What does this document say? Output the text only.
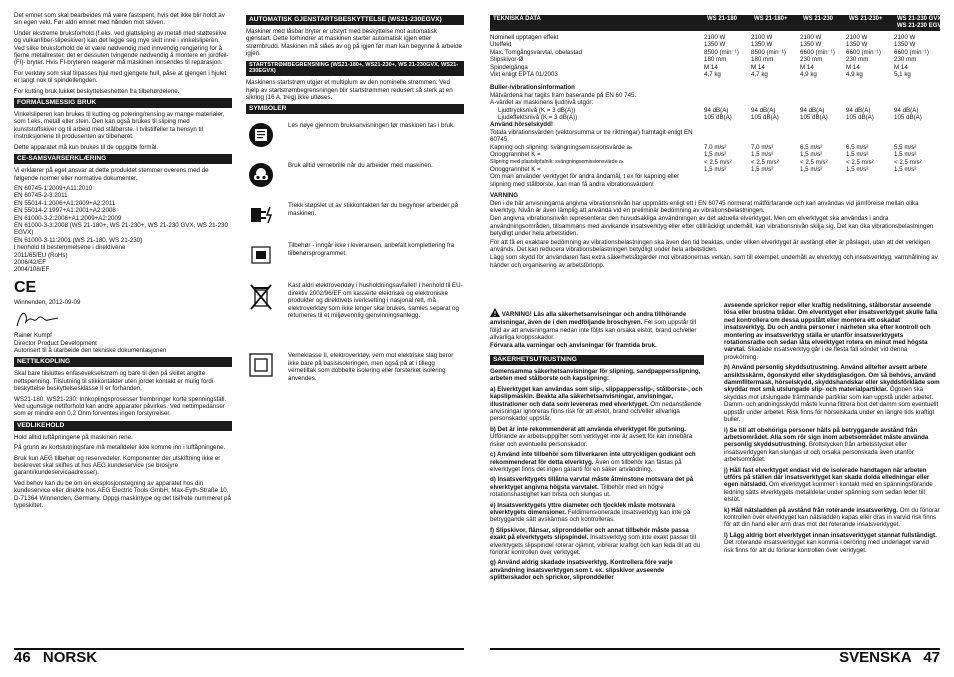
Det emnet som skal bearbeides må være fastspent, hvis det ikke blir holdt av sin egen vekt. Før aldri emnet med hånden mot skiven.

Under ekstreme bruksforhold (f.eks. ved glattsliping av metall med støtteskive og vulkanfiber-slipeskiver) kan det legge seg mye skitt inne i vinkelsliperen. Ved slike bruksforhold de et være nødvendig med innvendig rengjøring for å fjerne metallrester, det er dessuten tvingende nødvendig å montere en jordfeil- (Fl)- bryter. Hvis FI-bryteren reagerer må maskinen innsendes til reparasjon.

For verktøy som skal tilpasses hjul med gjengete hull, påse at gjengen i hjulet er langt nok til spindellengden.

For kutting bruk lukket beskyttelseshetten fra tilbehørdelene.

FORMÅLSMESSIG BRUK

Vinkelsliperen kan brukes til kutting og polering/rensing av mange materialer, som f.eks. metall eller stein. Den kan også brukes til sliping med kunststoffskiver og til arbeid med stålbørste. I tvilstilfeller ta hensyn til instruksjonene til produsenten av tilbehøret.

Dette apparatet må kun brukes til de oppgitte formål.

CE-SAMSVARSERKLÆRING

Vi erklærer på eget ansvar at dette produktet stemmer overens med de følgende normer eller normative dokumenter.

EN 60745-1:2009+A11:2010
EN 60745-2-3:2011
EN 55014-1:2006+A1:2009+A2:2011
EN 55014-2:1997+A1:2001+A2:2008
EN 61000-3-2:2006+A1:2009+A2:2009
EN 61000-3-3:2008 (WS 21-180+, WS 21-230+, WS 21-230 GVX, WS 21-230 EGVX)
EN 61000-3-11:2001 (WS 21-180, WS 21-230)
i henhold til bestemmelsene i direktivene
2011/65/EU (RoHs)
2006/42/EF
2004/108/EF
CE
Winnenden, 2012-09-09
Rainer Kumpf
Director Product Development

Autorisert til å utarbeide den tekniske dokumentasjonen

NETTILKOPLING

Skal bare tilsluttes enfasevekselstrøm og bare til den på skiltet angitte nettspenning. Tilslutning til stikkontakter uten jordet kontakt er mulig fordi beskyttelse beskyttelsesklasse II er forhanden.

WS21-180, WS21-230: Innkoplingsprosesser frembringer korte spenningsfall. Ved ugunstige nettforhold kan andre apparater påvirkes. Ved nettimpedanser som er mindre enn 0,2 Ohm forventes ingen forstyrrelser.

VEDLIKEHOLD

Hold alltid luftåpningene på maskinen rene.

På grunn av kortslutningsfare må metalldeler ikke komme inn i luftåpningene.

Bruk kun AEG tilbehør og reservedeler. Komponenter der utskiftning ikke er beskrevet skal skiftes ut hos AEG kundeservice (se brosjyre garanti/kundeservicaadresser).

Ved behov kan du be om en eksplosjonstegning av apparatet hos din kundeservice eller direkte hos AEG Electric Tools GmbH, Max-Eyth-Straße 10, D-71364 Winnenden, Germany. Oppgi maskintype og det tisifrete nummeret på typeskiltet.

AUTOMATISK GJENSTARTSBESKYTTELSE (WS21-230EGVX)

Maskiner med låsbar bryter er utstyrt med beskyttelse mot automatisk gjenstart. Dette forhindrer at maskinen starter automatisk igjen etter strømbrudd. Maskinen må slåes av og på igjen før man kan begynne å arbeide igjen.

STARTSTRØMBEGRENSNING (WS21-180+, WS21-230+, WS 21-230GVX, WS21-230EGVX)

Maskinens startstrøm utgjør et multiplum av den nominelle strømmen. Ved hjelp av startstrømbegrensningen blir startstrømmen redusert så sterk at en sikring (16 A, treg) ikke utløses.

SYMBOLER
Les nøye gjennom bruksanvisningen før maskinen tas i bruk.
Bruk alltid vernebrille når du arbeider med maskinen.
Trekk støpslet ut av stikkontakten før du begynner arbeider på maskinen.
Tilbehør - inngår ikke i leveransen, anbefalt komplettering fra tilbehørsprogrammet.
Kast aldri elektroverktøy i husholdningsavfallet! I henhold til EU-direktiv 2002/96/EF om kasserte elektriske og elektroniske produkter og direktivets iverksetting i nasjonal rett, må elektroverktøy som ikke lenger skal brukes, samles separat og returneres til et miljøvennlig gjenvinningsanlegg.
Verneklasse II, elektroverktøy, vern mot elektriske slag beror ikke bare på basisisoleringen, men også på at i tillegg vernetiltak som dobbelte isolering eller forsterket isolering anvendes.
46 NORSK
TEKNISKA DATA	WS 21-180	WS 21-180+	WS 21-230	WS 21-230+	WS 21-230 GVX
WS 21-230 EGVX
Nominell upptagen effekt	2100 W	2100 W	2100 W	2100 W	2100 W
Uteffekt	1350 W	1350 W	1350 W	1350 W	1350 W
Max. Tomgångsvarvtal, obelastad	8500 (min⁻¹)	8500 (min⁻¹)	6600 (min⁻¹)	6600 (min⁻¹)	6600 (min⁻¹)
Slipskivor-Ø	180 mm	180 mm	230 mm	230 mm	230 mm
Spindelgänga	M 14	M 14	M 14	M 14	M 14
Vikt enligt EPTA 01/2003	4,7 kg	4,7 kg	4,9 kg	4,9 kg	5,1 kg
Buller-/vibrationsinformation
Mätvärdena har tagits fram baserande på EN 60 745.
A-värdet av maskinens ljudnivå utgör:
Ljudtrycksnivå (K = 3 dB(A))	94 dB(A)	94 dB(A)	94 dB(A)	94 dB(A)	94 dB(A)
Ljudeffektsnivå (K = 3 dB(A))	105 dB(A)	105 dB(A)	105 dB(A)	105 dB(A)	105 dB(A)
Använd hörselskydd!
Totala vibrationsvärden (vektorsumma ur tre riktningar) framtagit enligt EN 60745.
Kapning och slipning: svängningsemissionsvärde aₕ	7,0 m/s²	7,0 m/s²	6,5 m/s²	6,5 m/s²	5,5 m/s²
Onoggrannhet K =	1,5 m/s²	1,5 m/s²	1,5 m/s²	1,5 m/s²	1,5 m/s²
Slipning med plastslipfalnik: svängningsemissionsvärde aₕ	< 2,5 m/s²	< 2,5 m/s²	< 2,5 m/s²	< 2,5 m/s²	< 2,5 m/s²
Onoggrannhet K =	1,5 m/s²	1,5 m/s²	1,5 m/s²	1,5 m/s²	1,5 m/s²
Om man använder verktyget för andra ändamål, t ex för kapning eller slipning med stålborste, kan man få andra vibrationsvärden!
VARNING

Den i de här anvisningarna angivna vibrationsnivån har uppmätts enligt ett i EN 60745 normerat mätförfarande och kan användas vid jämförelse mellan olika elverktyg. Nivån är även lämplig att använda vid en preliminär bedömning av vibrationsbelastningen.

Den angivna vibrationsnivån representerar den huvudsakliga användningen av det aktuella elverktyget. Men om elverktyget ska användas i andra användningsområden, tillsammans med avvikande insatsverktyg eller efter otillräckligt underhåll, kan vibrationsnivån skilja sig. Det kan öka vibrationsbelastningen betydligt under hela arbetstiden.

För att få en exaktare bedömning av vibrationsbelastningen ska även den tid beaktas, under vilken elverktyget är avstängt eller är påslaget, utan att det verkligen används. Det kan reducera vibrationsbelastningen betydligt under hela arbetstiden.

Lägg som skydd för användaren fast extra säkerhetsåtgärder mot vibrationernas verkan, som till exempel: underhåll av elverktyg och insatsverktyg, varmhållning av händer och organisering av arbetsförlopp.

VARNING! Läs alla säkerhetsanvisningar och andra tillhörande anvisningar, även de i den medföljande broschyren. Fel som uppstår till följd av att anvisningarna nedan inte följts kan orsaka elstöt, brand och/eller allvarliga kroppsskador.
Förvara alla varningar och anvisningar för framtida bruk.
SÄKERHETSUTRUSTNING

Gemensamma säkerhetsanvisningar för slipning, sandpappersslipning, arbeten med stålborste och kapslipning:

a) Elverktyget kan användas som slip-, slippappersslip-, stålborste-, och kapslipmaskin. Beakta alla säkerhetsanvisningar, anvisningar, illustrationer och data som levereras med elverktyget. Om nedanstående anvisningar ignoreras finns risk för att elstöt, brand och/eller allvarliga personskador uppstår.

b) Det är inte rekommenderat att använda elverktyget för putsning. Utförande av arbetsuppgifter som verktyget inte är avsett för kan innebära risker och eventuella personskador.

c) Använd inte tillbehör som tillverkaren inte uttryckligen godkänt och rekommenderat för detta elverktyg. Även om tillbehör kan fästas på elverktyget finns det ingen garanti för en säker användning.

d) Insatsverktygets tillåtna varvtal måste åtminstone motsvara det på elverktyget angivna högsta varvtalet. Tillbehör med en högre rotationshastighet kan brista och slungas ut.

e) Insatsverktygets yttre diameter och tjocklek måste motsvara elverktygets dimensioner. Feldimensionerade insatsverktyg kan inte på betryggande sätt avskärmas och kontrolleras.

f) Slipskivor, flänsar, slipronddeller och annat tillbehör måste passa exakt på elverktygets slipspindel. Insatsverktyg som inte exakt passar till elverktygets slipspindel roterar ojämnt, vibrerar kraftigt och kan leda till att du förlorar kontrollen över verktyget.

g) Använd aldrig skadade insatsverktyg. Kontrollera före varje användning insatsverktygen som t. ex. slipskivor avseende splitterskador och sprickor, slipronddeller

avseende sprickor repor eller kraftig nedslitning, stålborstar avseende lösa eller brustna trådar. Om elverktyget eller insatsverktyget skulle falla ned kontrollera om dessa uppstått eller montera ett oskadat insatsverktyg. Du och andra personer i närheten ska efter kontroll och montering av insatsverktyg ställa er utanför insatsverktygets rotationsradie och sedan låta elverktyget rotera en minut med högsta varvtal. Skadade insatsverktyg går i de flesta fall sönder vid denna provkörning.

h) Använd personlig skyddsutrustning. Använd alltefter avsett arbete ansiktsskärm, ögonskydd eller skyddsglasögon. Om så behövs, använd dammfiltermask, hörselskydd, skyddshandskar eller skyddsförkläde som skyddar mot små utslungade slip- och materialpartiklar. Ögonen ska skyddas mot utslungade främmande partiklar som kan uppstå under arbetet. Damm- och andningsskydd måste kunna filtrera bort det damm som eventuellt uppstår under arbetet. Risk finns för hörselskada under en längre tids kraftigt buller.

i) Se till att obehöriga personer hålls på betryggande avstånd från arbetsområdet. Alla som rör sign inom arbetsområdet måste använda personlig skyddsutrustning. Brottstycken från arbetsstycket eller insatsverktygen kan slungas ut och orsaka personskada även utanför arbetsområdet.

j) Håll fast elverktyget endast vid de isolerade handtagen när arbeten utförs på ställen där insatsverktyget kan skada dolda elledningar eller egen nätsladd. Om elverktyget kommer i kontakt med en spänningsförande ledning sätts elverktygets metalldelar under spänning som sedan leder till elstöt.

k) Håll nätsladden på avstånd från roterande insatsverktyg. Om du förlorar kontrollen över elverktyget kan nätsladden kapas eller dras in varvid risk finns för att din hand eller arm dras mot det roterande insatsverktyget.

l) Lägg aldrig bort elverktyget innan insatsverktyget stannat fullständigt. Det roterande insatsverktyget kan komma i beröring med underlaget varvid risk finns för att du förlorar kontrollen över verktyget.

SVENSKA 47
